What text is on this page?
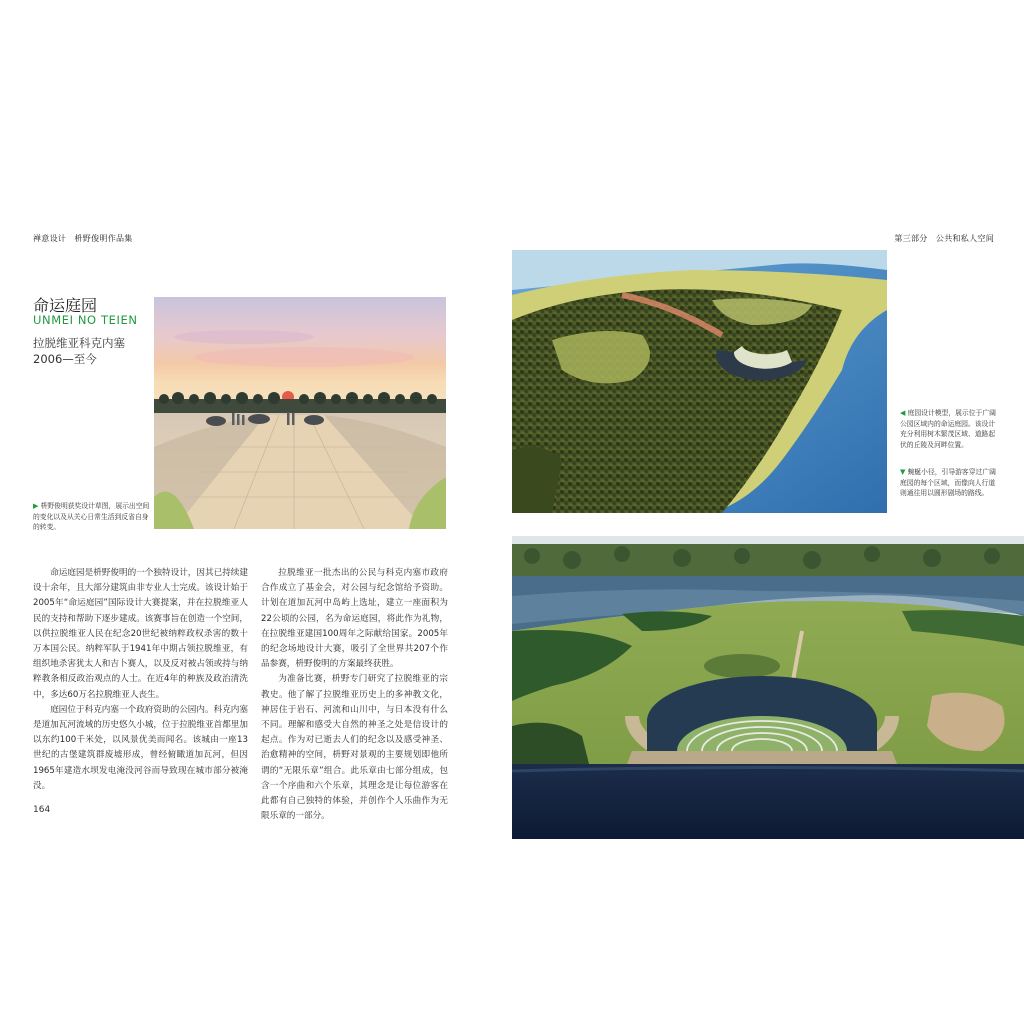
禅意设计　枡野俊明作品集	第三部分　公共和私人空间
命运庭园
UNMEI NO TEIEN
拉脱维亚科克内塞
2006—至今
▶ 枡野俊明获奖设计草图，展示出空间的变化以及从关心日常生活到反省自身的转变。

命运庭园是枡野俊明的一个独特设计，因其已持续建设十余年，且大部分建筑由非专业人士完成。该设计始于2005年“命运庭园”国际设计大赛提案，并在拉脱维亚人民的支持和帮助下逐步建成。该赛事旨在创造一个空间，以供拉脱维亚人民在纪念20世纪被纳粹政权杀害的数十万本国公民。纳粹军队于1941年中期占领拉脱维亚，有组织地杀害犹太人和吉卜赛人，以及反对被占领或持与纳粹教条相反政治观点的人士。在近4年的种族及政治清洗中，多达60万名拉脱维亚人丧生。

庭园位于科克内塞一个政府资助的公园内。科克内塞是道加瓦河流域的历史悠久小城，位于拉脱维亚首都里加以东约100千米处，以风景优美而闻名。该城由一座13世纪的古堡建筑群废墟形成，曾经俯瞰道加瓦河，但因1965年建造水坝发电淹没河谷而导致现在城市部分被淹没。

拉脱维亚一批杰出的公民与科克内塞市政府合作成立了基金会，对公园与纪念馆给予资助。计划在道加瓦河中岛屿上选址，建立一座面积为22公顷的公园，名为命运庭园，将此作为礼物，在拉脱维亚建国100周年之际献给国家。2005年的纪念场地设计大赛，吸引了全世界共207个作品参赛，枡野俊明的方案最终获胜。

为准备比赛，枡野专门研究了拉脱维亚的宗教史。他了解了拉脱维亚历史上的多神教文化，神居住于岩石、河流和山川中，与日本没有什么不同。理解和感受大自然的神圣之处是信设计的起点。作为对已逝去人们的纪念以及感受神圣、治愈精神的空间，枡野对景观的主要规划即他所谓的“无限乐章”组合。此乐章由七部分组成，包含一个序曲和六个乐章，其理念是让每位游客在此都有自己独特的体验，并创作个人乐曲作为无限乐章的一部分。

164
◀ 庭园设计模型，展示位于广阔公园区域内的命运庭园。该设计充分利用树木繁茂区域、道路起伏的丘陵及河畔位置。
▼ 蜿蜒小径，引导游客穿过广阔庭园的每个区域，而像向人行道则通往用以圆形剧场的路线。
